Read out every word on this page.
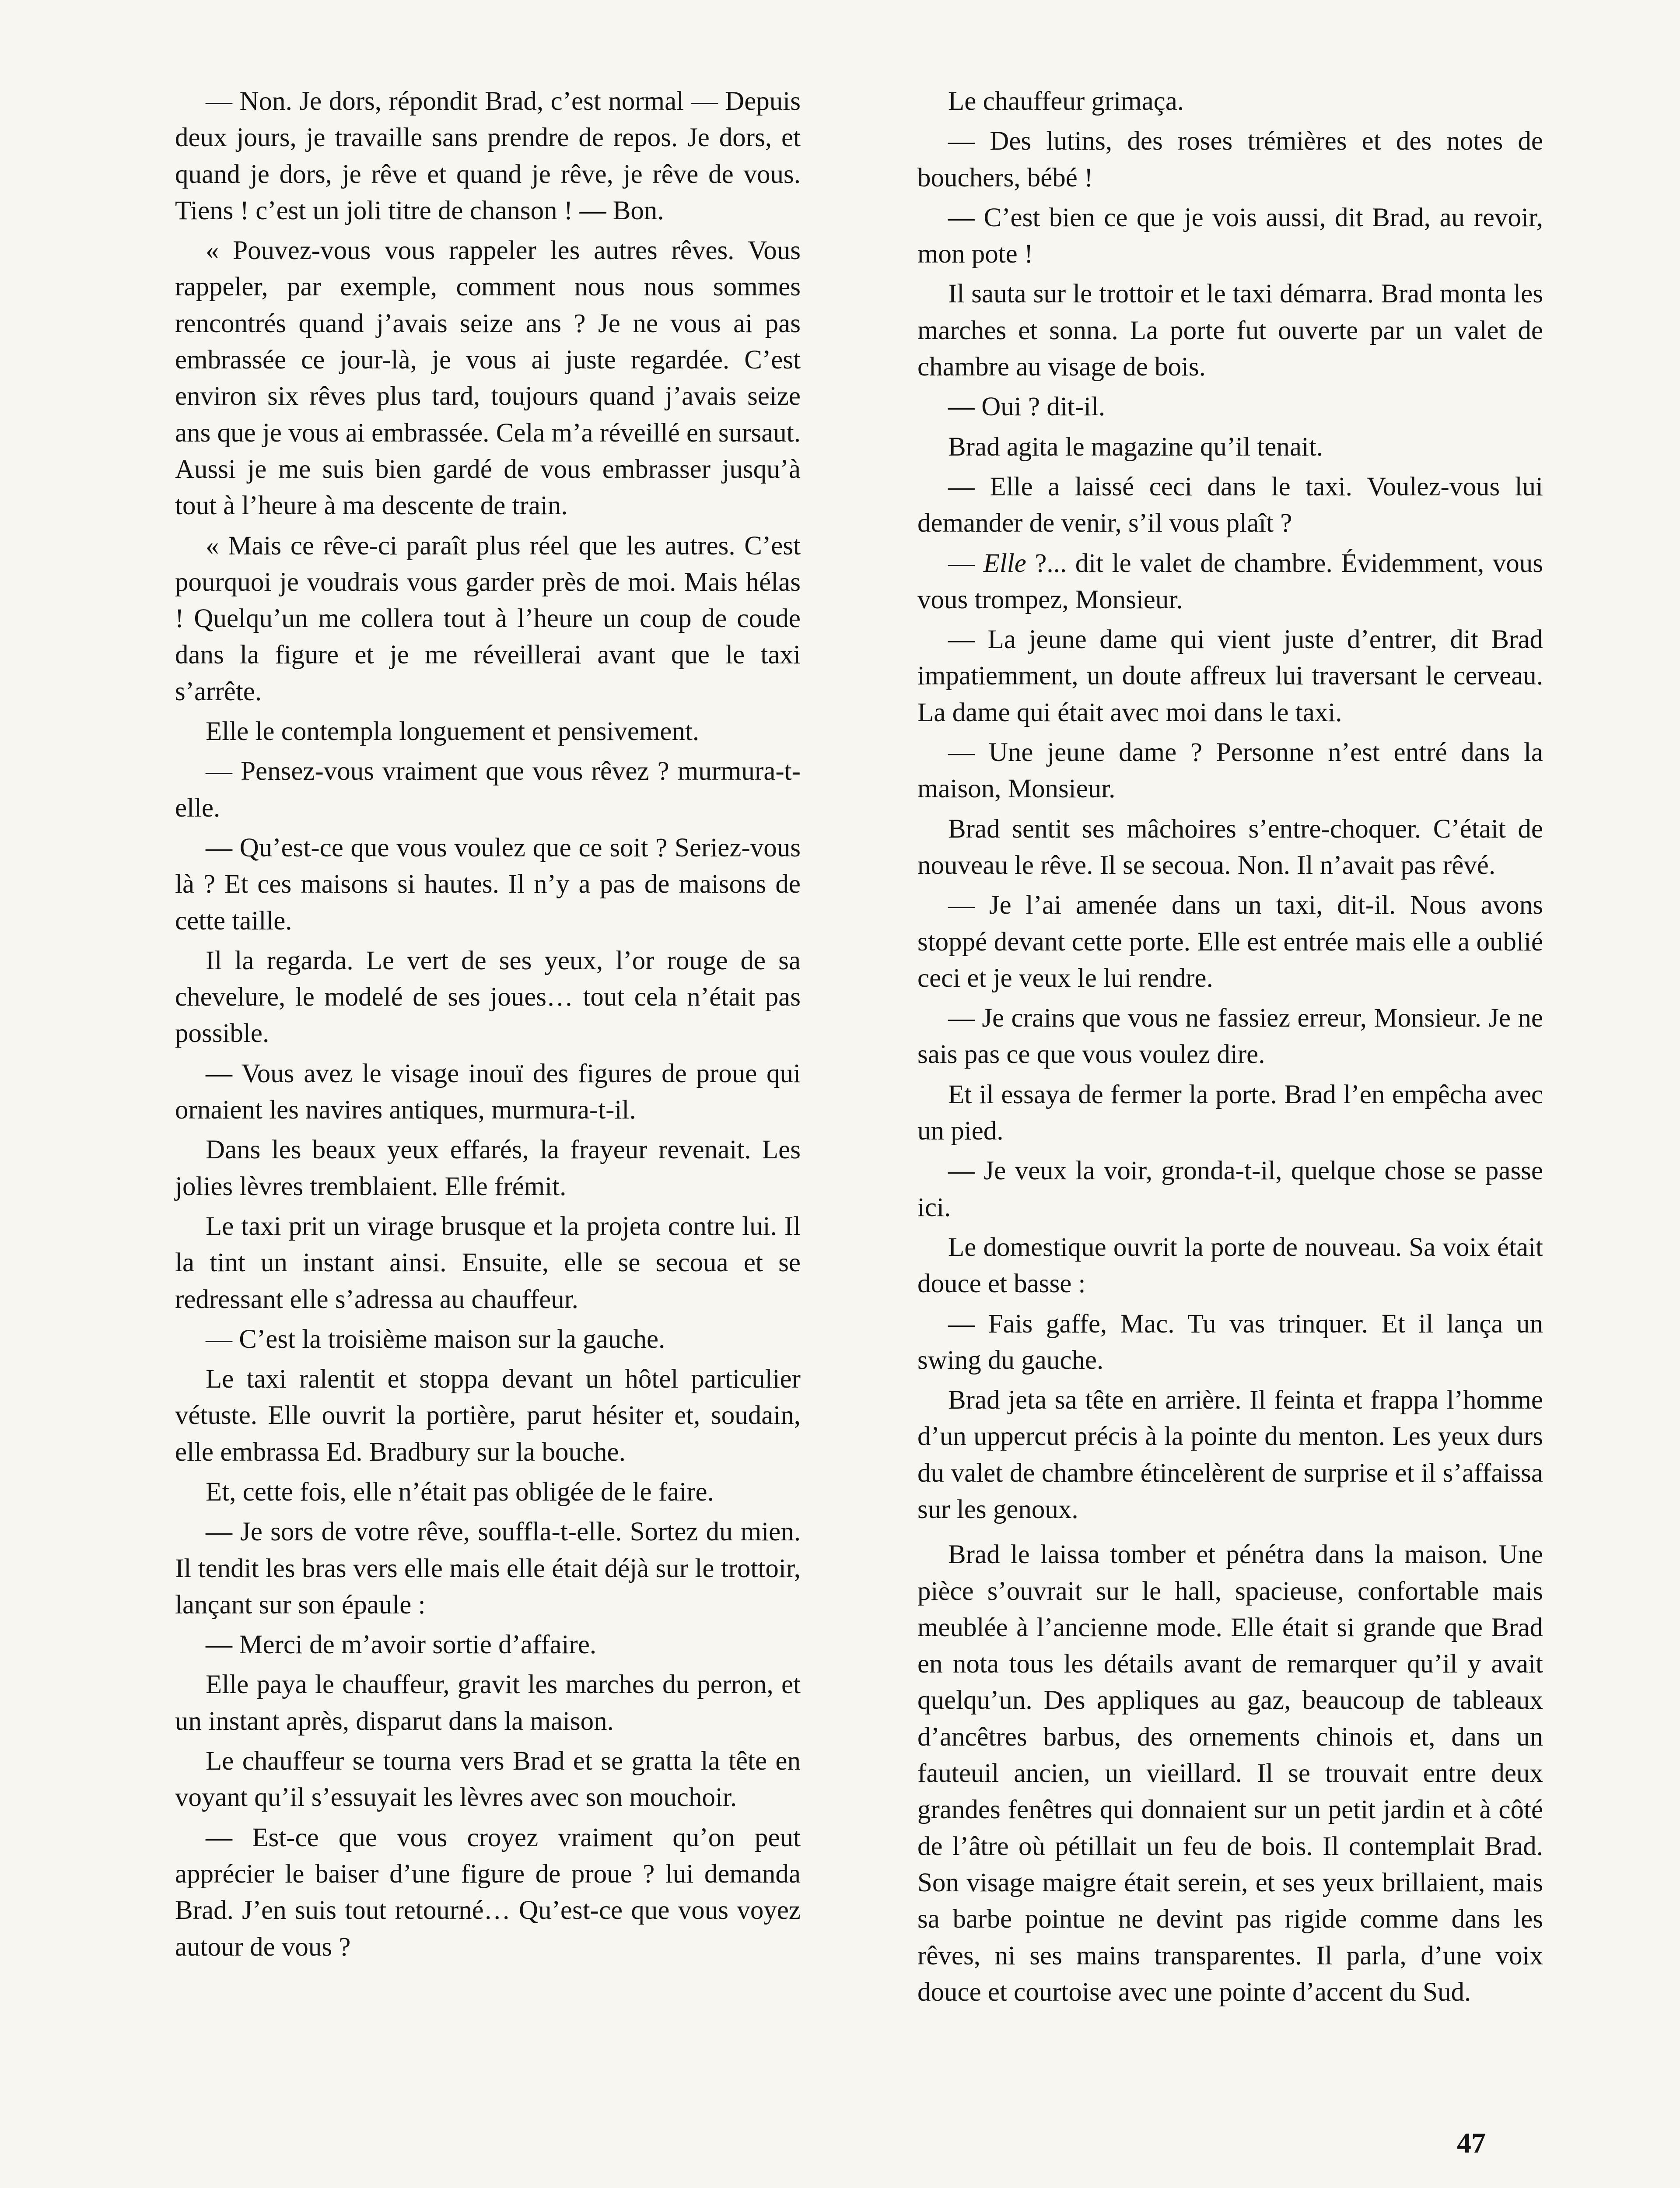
— Non. Je dors, répondit Brad, c’est normal — Depuis deux jours, je travaille sans prendre de repos. Je dors, et quand je dors, je rêve et quand je rêve, je rêve de vous. Tiens ! c’est un joli titre de chanson ! — Bon.

« Pouvez-vous vous rappeler les autres rêves. Vous rappeler, par exemple, comment nous nous sommes rencontrés quand j’avais seize ans ? Je ne vous ai pas embrassée ce jour-là, je vous ai juste regardée. C’est environ six rêves plus tard, toujours quand j’avais seize ans que je vous ai embrassée. Cela m’a réveillé en sursaut. Aussi je me suis bien gardé de vous embrasser jusqu’à tout à l’heure à ma descente de train.

« Mais ce rêve-ci paraît plus réel que les autres. C’est pourquoi je voudrais vous garder près de moi. Mais hélas ! Quelqu’un me collera tout à l’heure un coup de coude dans la figure et je me réveillerai avant que le taxi s’arrête.

Elle le contempla longuement et pensivement.

— Pensez-vous vraiment que vous rêvez ? murmura-t-elle.

— Qu’est-ce que vous voulez que ce soit ? Seriez-vous là ? Et ces maisons si hautes. Il n’y a pas de maisons de cette taille.

Il la regarda. Le vert de ses yeux, l’or rouge de sa chevelure, le modelé de ses joues… tout cela n’était pas possible.

— Vous avez le visage inouï des figures de proue qui ornaient les navires antiques, murmura-t-il.

Dans les beaux yeux effarés, la frayeur revenait. Les jolies lèvres tremblaient. Elle frémit.

Le taxi prit un virage brusque et la projeta contre lui. Il la tint un instant ainsi. Ensuite, elle se secoua et se redressant elle s’adressa au chauffeur.

— C’est la troisième maison sur la gauche.

Le taxi ralentit et stoppa devant un hôtel particulier vétuste. Elle ouvrit la portière, parut hésiter et, soudain, elle embrassa Ed. Bradbury sur la bouche.

Et, cette fois, elle n’était pas obligée de le faire.

— Je sors de votre rêve, souffla-t-elle. Sortez du mien. Il tendit les bras vers elle mais elle était déjà sur le trottoir, lançant sur son épaule :

— Merci de m’avoir sortie d’affaire.

Elle paya le chauffeur, gravit les marches du perron, et un instant après, disparut dans la maison.

Le chauffeur se tourna vers Brad et se gratta la tête en voyant qu’il s’essuyait les lèvres avec son mouchoir.

— Est-ce que vous croyez vraiment qu’on peut apprécier le baiser d’une figure de proue ? lui demanda Brad. J’en suis tout retourné… Qu’est-ce que vous voyez autour de vous ?

Le chauffeur grimaça.

— Des lutins, des roses trémières et des notes de bouchers, bébé !

— C’est bien ce que je vois aussi, dit Brad, au revoir, mon pote !

Il sauta sur le trottoir et le taxi démarra. Brad monta les marches et sonna. La porte fut ouverte par un valet de chambre au visage de bois.

— Oui ? dit-il.

Brad agita le magazine qu’il tenait.

— Elle a laissé ceci dans le taxi. Voulez-vous lui demander de venir, s’il vous plaît ?

— Elle ?... dit le valet de chambre. Évidemment, vous vous trompez, Monsieur.

— La jeune dame qui vient juste d’entrer, dit Brad impatiemment, un doute affreux lui traversant le cerveau. La dame qui était avec moi dans le taxi.

— Une jeune dame ? Personne n’est entré dans la maison, Monsieur.

Brad sentit ses mâchoires s’entre-choquer. C’était de nouveau le rêve. Il se secoua. Non. Il n’avait pas rêvé.

— Je l’ai amenée dans un taxi, dit-il. Nous avons stoppé devant cette porte. Elle est entrée mais elle a oublié ceci et je veux le lui rendre.

— Je crains que vous ne fassiez erreur, Monsieur. Je ne sais pas ce que vous voulez dire.

Et il essaya de fermer la porte. Brad l’en empêcha avec un pied.

— Je veux la voir, gronda-t-il, quelque chose se passe ici.

Le domestique ouvrit la porte de nouveau. Sa voix était douce et basse :

— Fais gaffe, Mac. Tu vas trinquer. Et il lança un swing du gauche.

Brad jeta sa tête en arrière. Il feinta et frappa l’homme d’un uppercut précis à la pointe du menton. Les yeux durs du valet de chambre étincelèrent de surprise et il s’affaissa sur les genoux.

Brad le laissa tomber et pénétra dans la maison. Une pièce s’ouvrait sur le hall, spacieuse, confortable mais meublée à l’ancienne mode. Elle était si grande que Brad en nota tous les détails avant de remarquer qu’il y avait quelqu’un. Des appliques au gaz, beaucoup de tableaux d’ancêtres barbus, des ornements chinois et, dans un fauteuil ancien, un vieillard. Il se trouvait entre deux grandes fenêtres qui donnaient sur un petit jardin et à côté de l’âtre où pétillait un feu de bois. Il contemplait Brad. Son visage maigre était serein, et ses yeux brillaient, mais sa barbe pointue ne devint pas rigide comme dans les rêves, ni ses mains transparentes. Il parla, d’une voix douce et courtoise avec une pointe d’accent du Sud.

47
